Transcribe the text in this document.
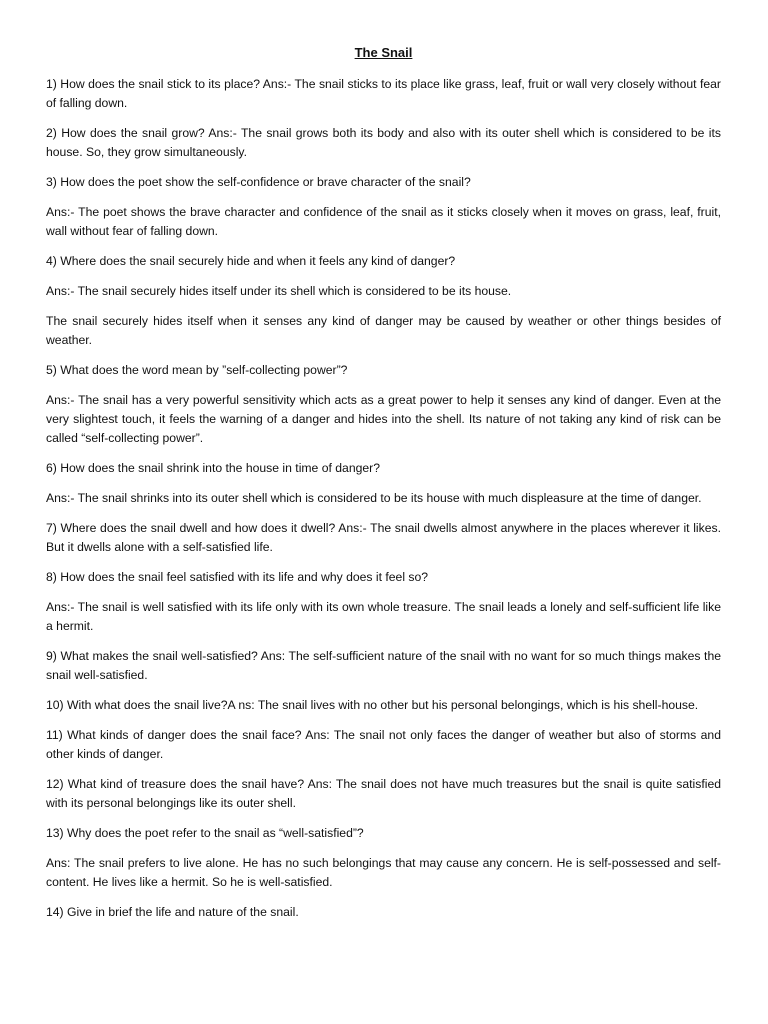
The Snail

1) How does the snail stick to its place? Ans:- The snail sticks to its place like grass, leaf, fruit or wall very closely without fear of falling down.

2) How does the snail grow? Ans:- The snail grows both its body and also with its outer shell which is considered to be its house. So, they grow simultaneously.

3) How does the poet show the self-confidence or brave character of the snail?

Ans:- The poet shows the brave character and confidence of the snail as it sticks closely when it moves on grass, leaf, fruit, wall without fear of falling down.

4) Where does the snail securely hide and when it feels any kind of danger?

Ans:- The snail securely hides itself under its shell which is considered to be its house.

The snail securely hides itself when it senses any kind of danger may be caused by weather or other things besides of weather.

5) What does the word mean by ”self-collecting power”?

Ans:- The snail has a very powerful sensitivity which acts as a great power to help it senses any kind of danger. Even at the very slightest touch, it feels the warning of a danger and hides into the shell. Its nature of not taking any kind of risk can be called “self-collecting power”.

6) How does the snail shrink into the house in time of danger?

Ans:- The snail shrinks into its outer shell which is considered to be its house with much displeasure at the time of danger.

7) Where does the snail dwell and how does it dwell? Ans:- The snail dwells almost anywhere in the places wherever it likes. But it dwells alone with a self-satisfied life.

8) How does the snail feel satisfied with its life and why does it feel so?

Ans:- The snail is well satisfied with its life only with its own whole treasure. The snail leads a lonely and self-sufficient life like a hermit.

9) What makes the snail well-satisfied? Ans: The self-sufficient nature of the snail with no want for so much things makes the snail well-satisfied.

10) With what does the snail live?A ns: The snail lives with no other but his personal belongings, which is his shell-house.

11) What kinds of danger does the snail face? Ans: The snail not only faces the danger of weather but also of storms and other kinds of danger.

12) What kind of treasure does the snail have? Ans: The snail does not have much treasures but the snail is quite satisfied with its personal belongings like its outer shell.

13) Why does the poet refer to the snail as “well-satisfied”?

Ans: The snail prefers to live alone. He has no such belongings that may cause any concern. He is self-possessed and self-content. He lives like a hermit. So he is well-satisfied.

14) Give in brief the life and nature of the snail.
